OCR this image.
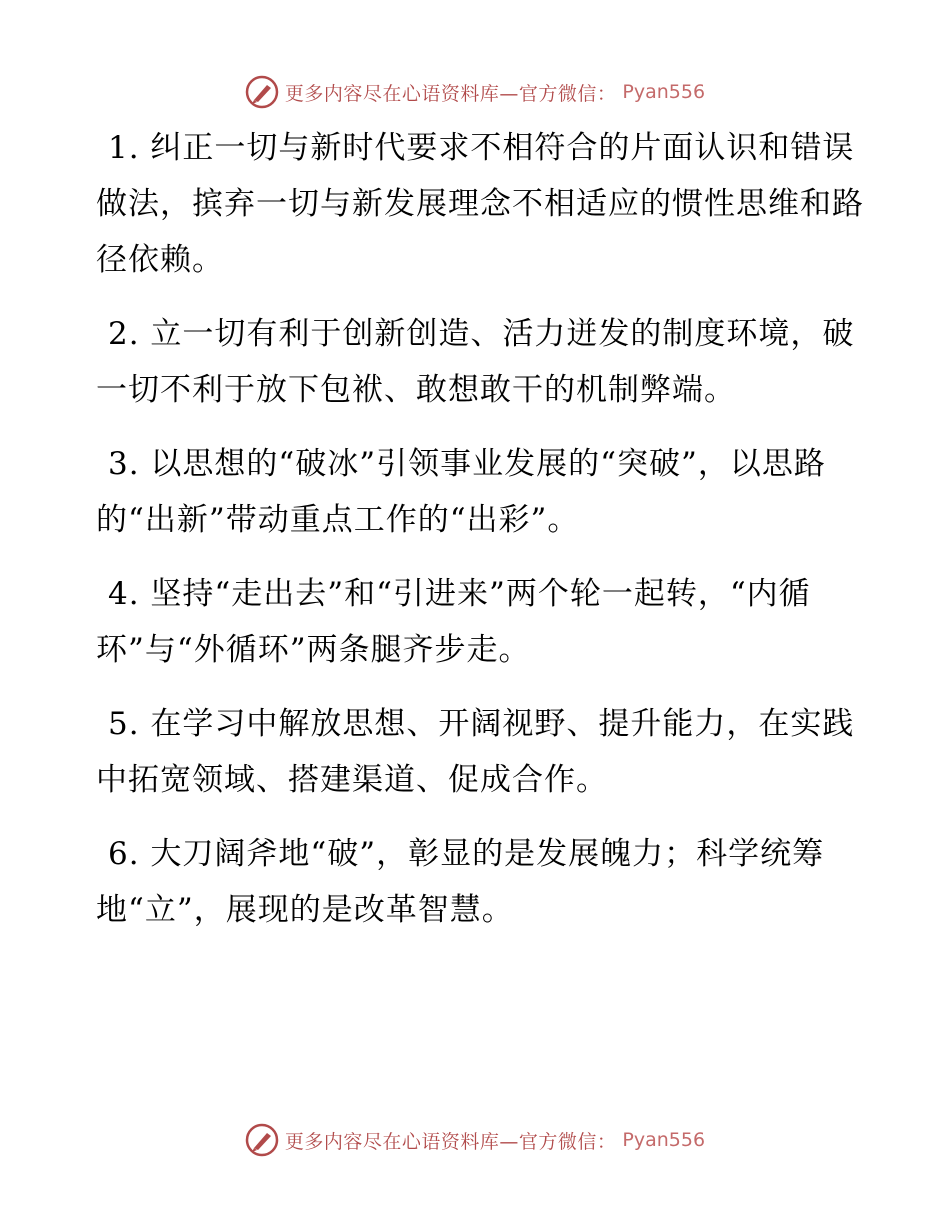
更多内容尽在心语资料库—官方微信： Pyan556

1. 纠正一切与新时代要求不相符合的片面认识和错误做法，摈弃一切与新发展理念不相适应的惯性思维和路径依赖。

2. 立一切有利于创新创造、活力迸发的制度环境，破一切不利于放下包袱、敢想敢干的机制弊端。

3. 以思想的“破冰”引领事业发展的“突破”，以思路的“出新”带动重点工作的“出彩”。

4. 坚持“走出去”和“引进来”两个轮一起转，“内循环”与“外循环”两条腿齐步走。

5. 在学习中解放思想、开阔视野、提升能力，在实践中拓宽领域、搭建渠道、促成合作。

6. 大刀阔斧地“破”，彰显的是发展魄力；科学统筹地“立”，展现的是改革智慧。

更多内容尽在心语资料库—官方微信： Pyan556
